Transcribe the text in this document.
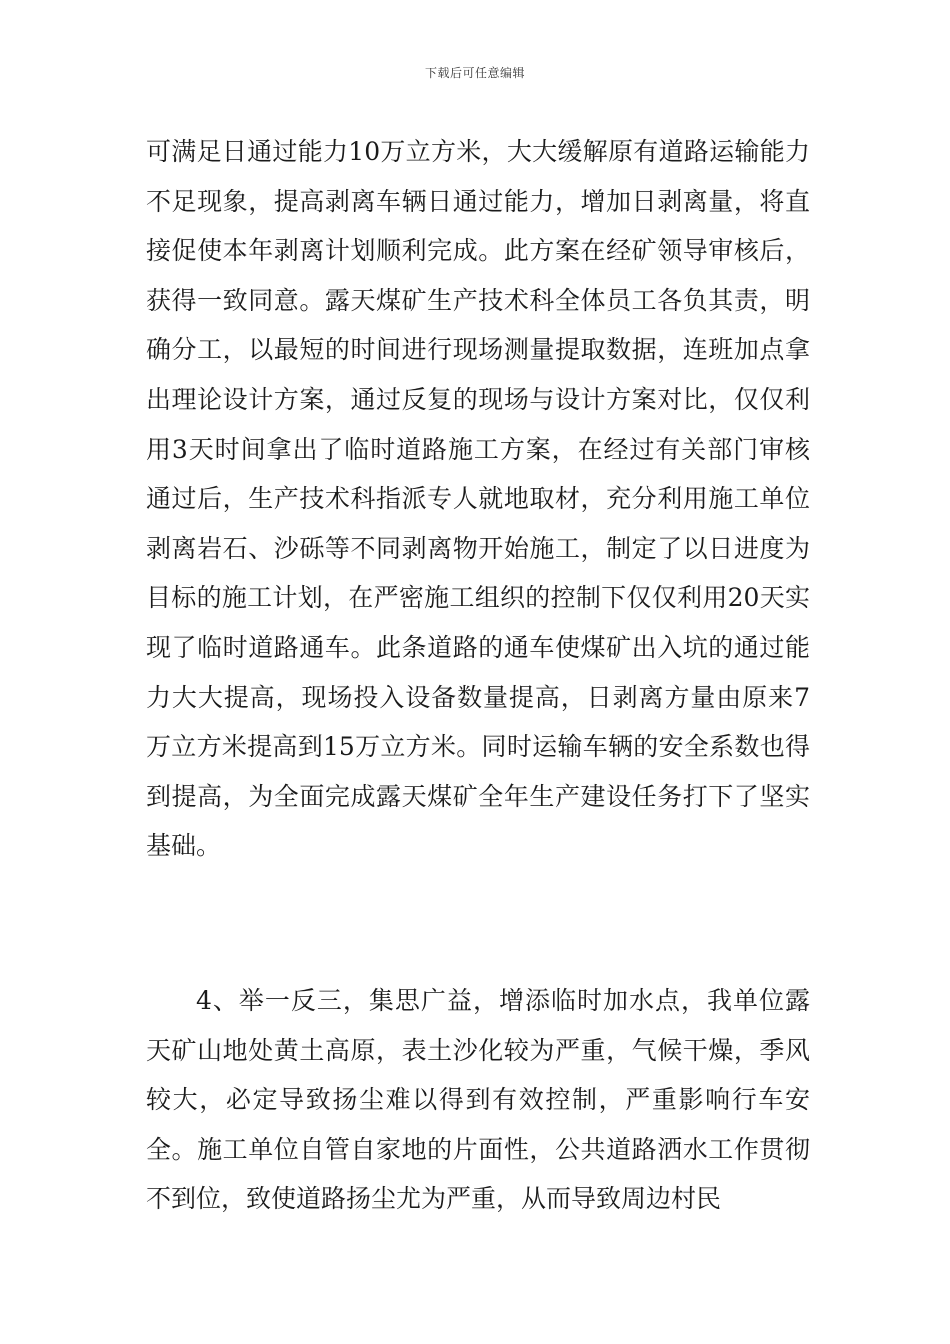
下载后可任意编辑

可满足日通过能力10万立方米，大大缓解原有道路运输能力不足现象，提高剥离车辆日通过能力，增加日剥离量，将直接促使本年剥离计划顺利完成。此方案在经矿领导审核后，获得一致同意。露天煤矿生产技术科全体员工各负其责，明确分工，以最短的时间进行现场测量提取数据，连班加点拿出理论设计方案，通过反复的现场与设计方案对比，仅仅利用3天时间拿出了临时道路施工方案，在经过有关部门审核通过后，生产技术科指派专人就地取材，充分利用施工单位剥离岩石、沙砾等不同剥离物开始施工，制定了以日进度为目标的施工计划，在严密施工组织的控制下仅仅利用20天实现了临时道路通车。此条道路的通车使煤矿出入坑的通过能力大大提高，现场投入设备数量提高，日剥离方量由原来7万立方米提高到15万立方米。同时运输车辆的安全系数也得到提高，为全面完成露天煤矿全年生产建设任务打下了坚实基础。

4、举一反三，集思广益，增添临时加水点，我单位露天矿山地处黄土高原，表土沙化较为严重，气候干燥，季风较大，必定导致扬尘难以得到有效控制，严重影响行车安全。施工单位自管自家地的片面性，公共道路洒水工作贯彻不到位，致使道路扬尘尤为严重，从而导致周边村民
